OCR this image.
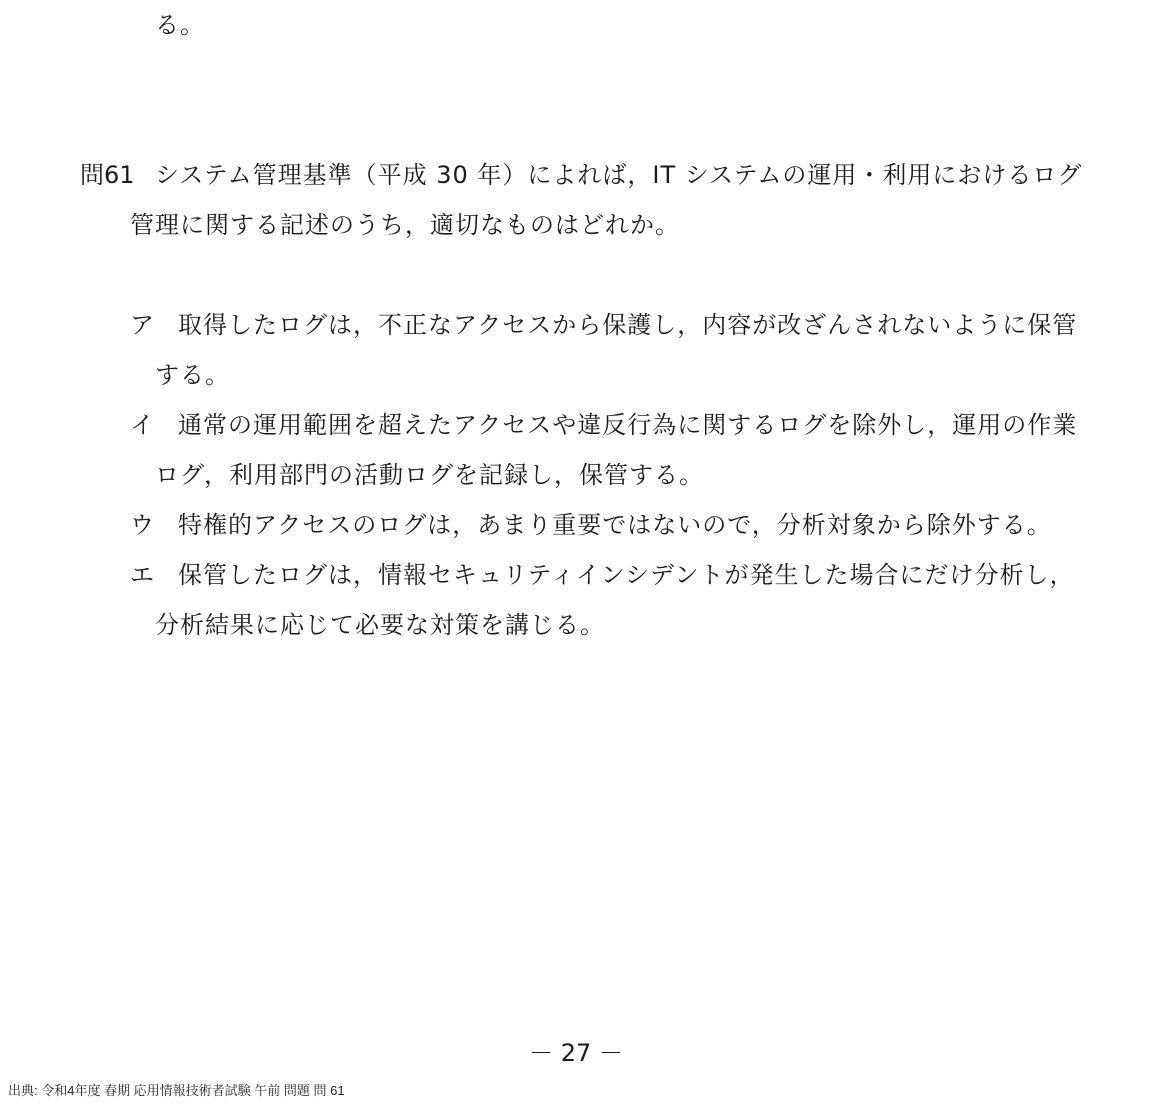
る。
問61 システム管理基準（平成 30 年）によれば，IT システムの運用・利用におけるログ
管理に関する記述のうち，適切なものはどれか。
ア 取得したログは，不正なアクセスから保護し，内容が改ざんされないように保管
する。
イ 通常の運用範囲を超えたアクセスや違反行為に関するログを除外し，運用の作業
ログ，利用部門の活動ログを記録し，保管する。
ウ 特権的アクセスのログは，あまり重要ではないので，分析対象から除外する。
エ 保管したログは，情報セキュリティインシデントが発生した場合にだけ分析し，
分析結果に応じて必要な対策を講じる。
－ 27 －
出典: 令和4年度 春期 応用情報技術者試験 午前 問題 問 61
